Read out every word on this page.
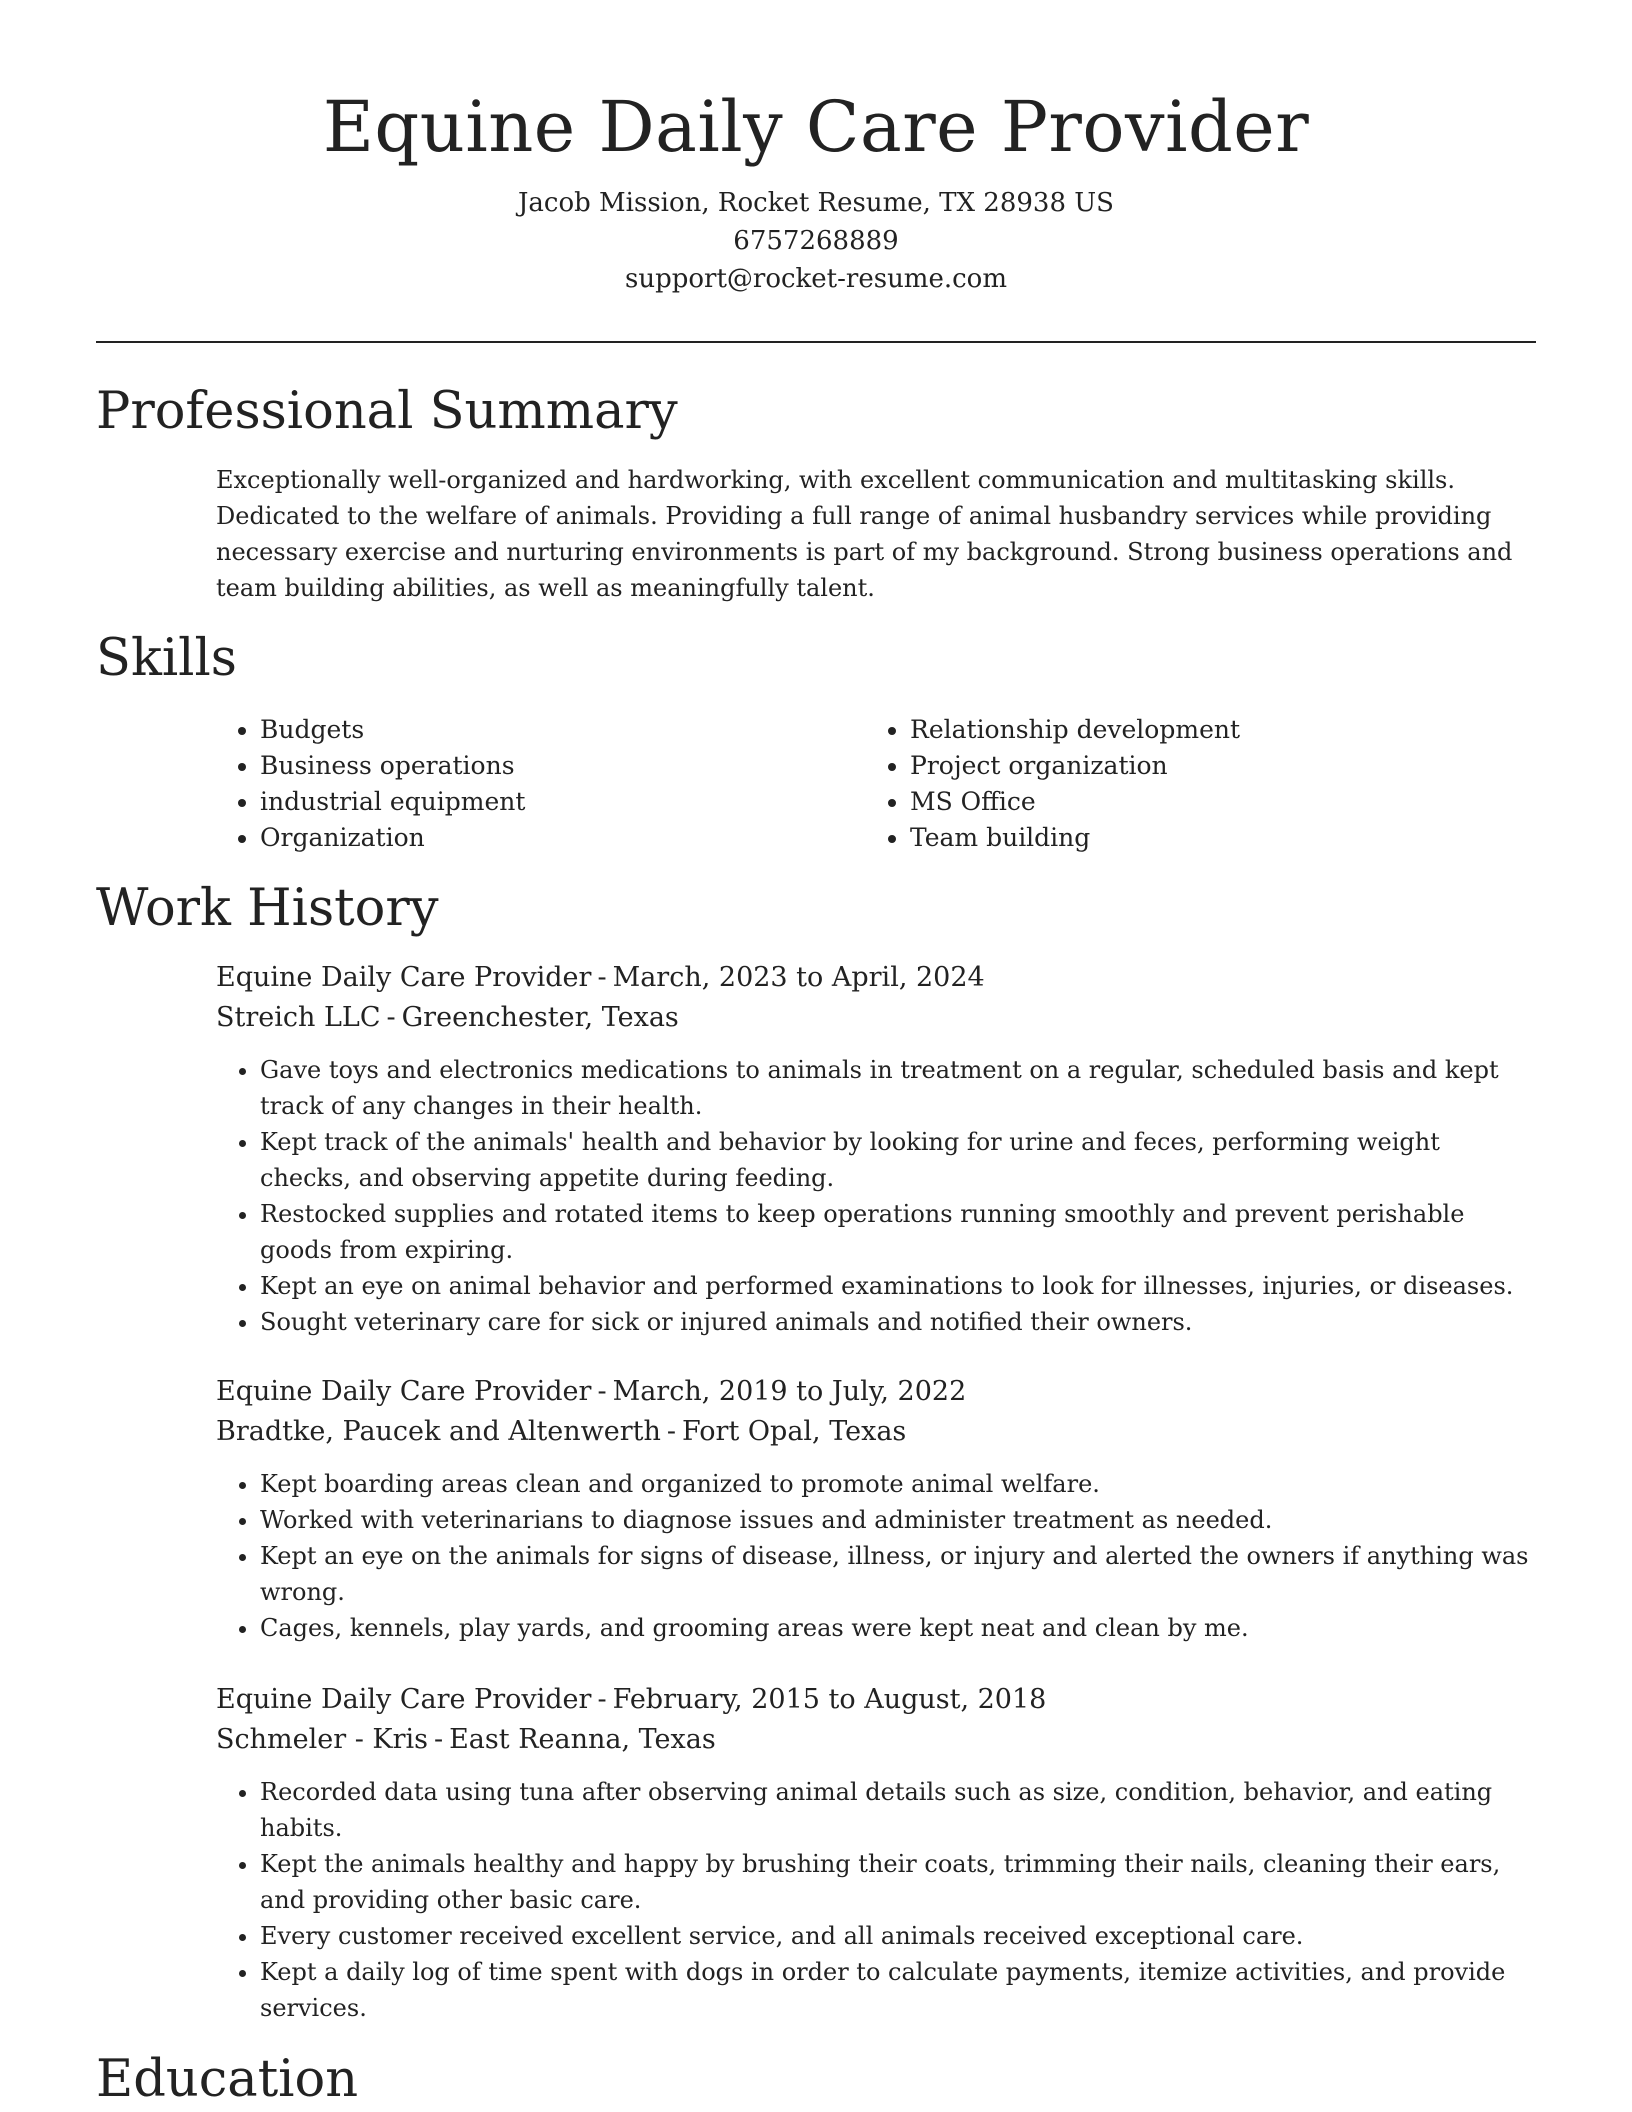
Equine Daily Care Provider
Jacob Mission, Rocket Resume, TX 28938 US
6757268889
support@rocket-resume.com
Professional Summary

Exceptionally well-organized and hardworking, with excellent communication and multitasking skills. Dedicated to the welfare of animals. Providing a full range of animal husbandry services while providing necessary exercise and nurturing environments is part of my background. Strong business operations and team building abilities, as well as meaningfully talent.

Skills
• Budgets
• Business operations
• industrial equipment
• Organization
• Relationship development
• Project organization
• MS Office
• Team building
Work History
Equine Daily Care Provider - March, 2023 to April, 2024
Streich LLC - Greenchester, Texas
• Gave toys and electronics medications to animals in treatment on a regular, scheduled basis and kept track of any changes in their health.
• Kept track of the animals' health and behavior by looking for urine and feces, performing weight checks, and observing appetite during feeding.
• Restocked supplies and rotated items to keep operations running smoothly and prevent perishable goods from expiring.
• Kept an eye on animal behavior and performed examinations to look for illnesses, injuries, or diseases.
• Sought veterinary care for sick or injured animals and notified their owners.
Equine Daily Care Provider - March, 2019 to July, 2022
Bradtke, Paucek and Altenwerth - Fort Opal, Texas
• Kept boarding areas clean and organized to promote animal welfare.
• Worked with veterinarians to diagnose issues and administer treatment as needed.
• Kept an eye on the animals for signs of disease, illness, or injury and alerted the owners if anything was wrong.
• Cages, kennels, play yards, and grooming areas were kept neat and clean by me.
Equine Daily Care Provider - February, 2015 to August, 2018
Schmeler - Kris - East Reanna, Texas
• Recorded data using tuna after observing animal details such as size, condition, behavior, and eating habits.
• Kept the animals healthy and happy by brushing their coats, trimming their nails, cleaning their ears, and providing other basic care.
• Every customer received excellent service, and all animals received exceptional care.
• Kept a daily log of time spent with dogs in order to calculate payments, itemize activities, and provide services.
Education
